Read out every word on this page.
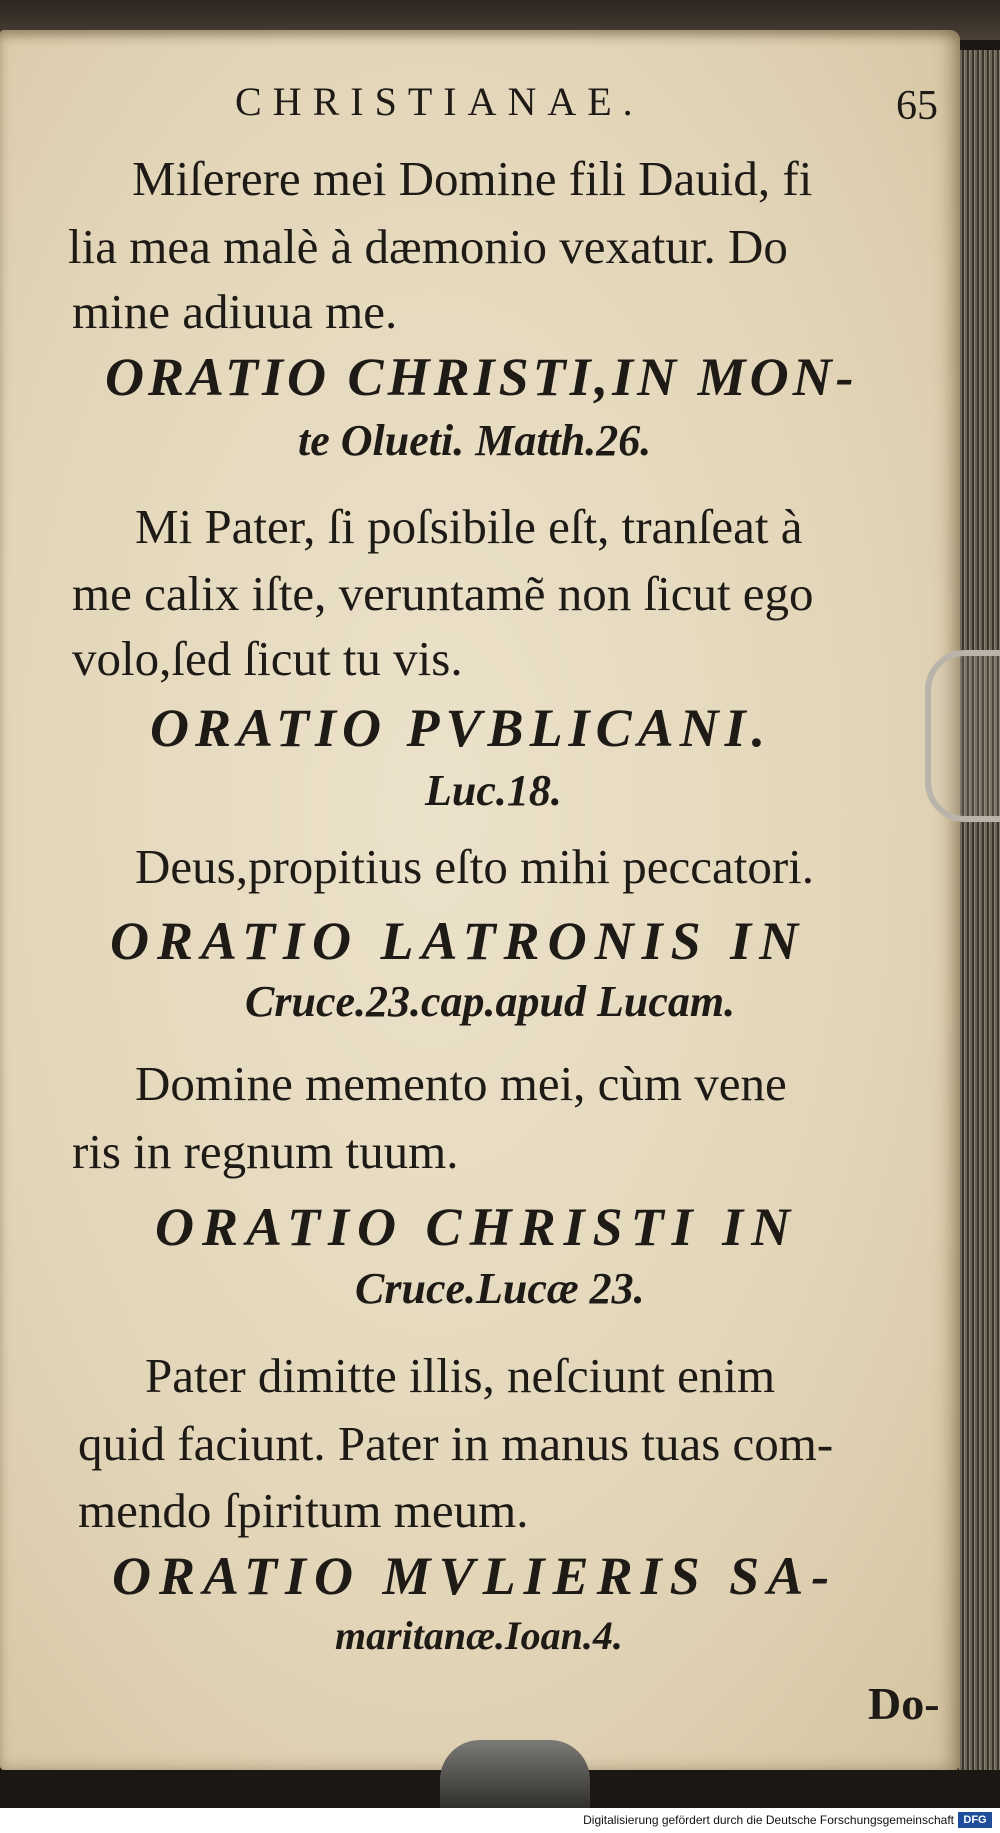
CHRISTIANAE.	65
Miſerere mei Domine fili Dauid, fi
lia mea malè à dæmonio vexatur. Do
mine adiuua me.
ORATIO CHRISTI,IN MON-
te Olueti. Matth.26.
Mi Pater, ſi poſsibile eſt, tranſeat à
me calix iſte, veruntamẽ non ſicut ego
volo,ſed ſicut tu vis.
ORATIO PVBLICANI.
Luc.18.
Deus,propitius eſto mihi peccatori.
ORATIO LATRONIS IN
Cruce.23.cap.apud Lucam.
Domine memento mei, cùm vene
ris in regnum tuum.
ORATIO CHRISTI IN
Cruce.Lucæ 23.
Pater dimitte illis, neſciunt enim
quid faciunt. Pater in manus tuas com-
mendo ſpiritum meum.
ORATIO MVLIERIS SA-
maritanæ.Ioan.4.
Do-
Digitalisierung gefördert durch die Deutsche Forschungsgemeinschaft DFG
